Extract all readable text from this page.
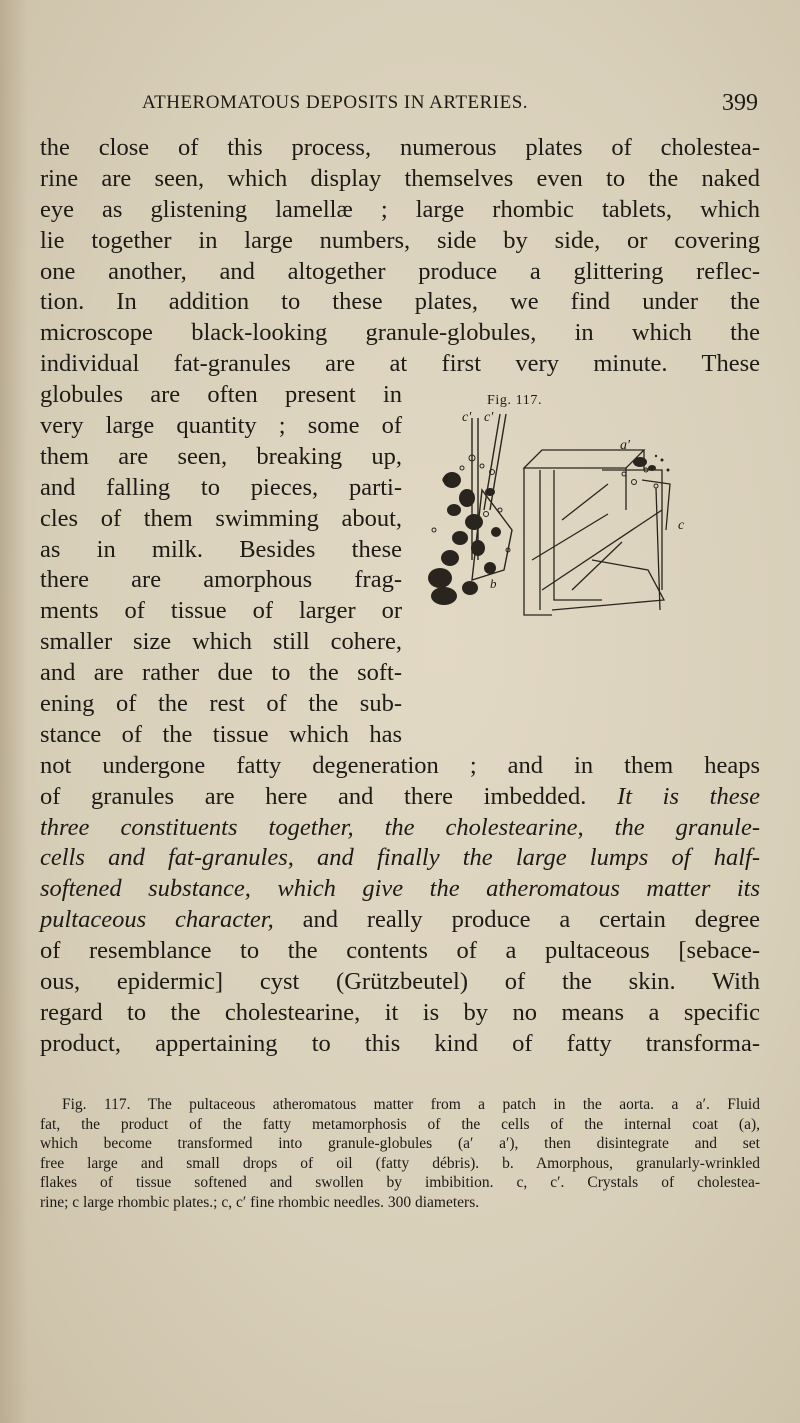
ATHEROMATOUS DEPOSITS IN ARTERIES.	399
the close of this process, numerous plates of cholestea-
rine are seen, which display themselves even to the naked
eye as glistening lamellæ ; large rhombic tablets, which
lie together in large numbers, side by side, or covering
one another, and altogether produce a glittering reflec-
tion. In addition to these plates, we find under the
microscope black-looking granule-globules, in which the
individual fat-granules are at first very minute. These
globules are often present in
very large quantity ; some of
them are seen, breaking up,
and falling to pieces, parti-
cles of them swimming about,
as in milk. Besides these
there are amorphous frag-
ments of tissue of larger or
smaller size which still cohere,
and are rather due to the soft-
ening of the rest of the sub-
stance of the tissue which has
not undergone fatty degeneration ; and in them heaps
of granules are here and there imbedded. It is these
three constituents together, the cholestearine, the granule-
cells and fat-granules, and finally the large lumps of half-
softened substance, which give the atheromatous matter its
pultaceous character, and really produce a certain degree
of resemblance to the contents of a pultaceous [sebace-
ous, epidermic] cyst (Grützbeutel) of the skin. With
regard to the cholestearine, it is by no means a specific
product, appertaining to this kind of fatty transforma-
Fig. 117.
c′ c′
a′
a
b
c
Fig. 117. The pultaceous atheromatous matter from a patch in the aorta. a a′. Fluid
fat, the product of the fatty metamorphosis of the cells of the internal coat (a),
which become transformed into granule-globules (a′ a′), then disintegrate and set
free large and small drops of oil (fatty débris). b. Amorphous, granularly-wrinkled
flakes of tissue softened and swollen by imbibition. c, c′. Crystals of cholestea-
rine; c large rhombic plates.; c, c′ fine rhombic needles. 300 diameters.
